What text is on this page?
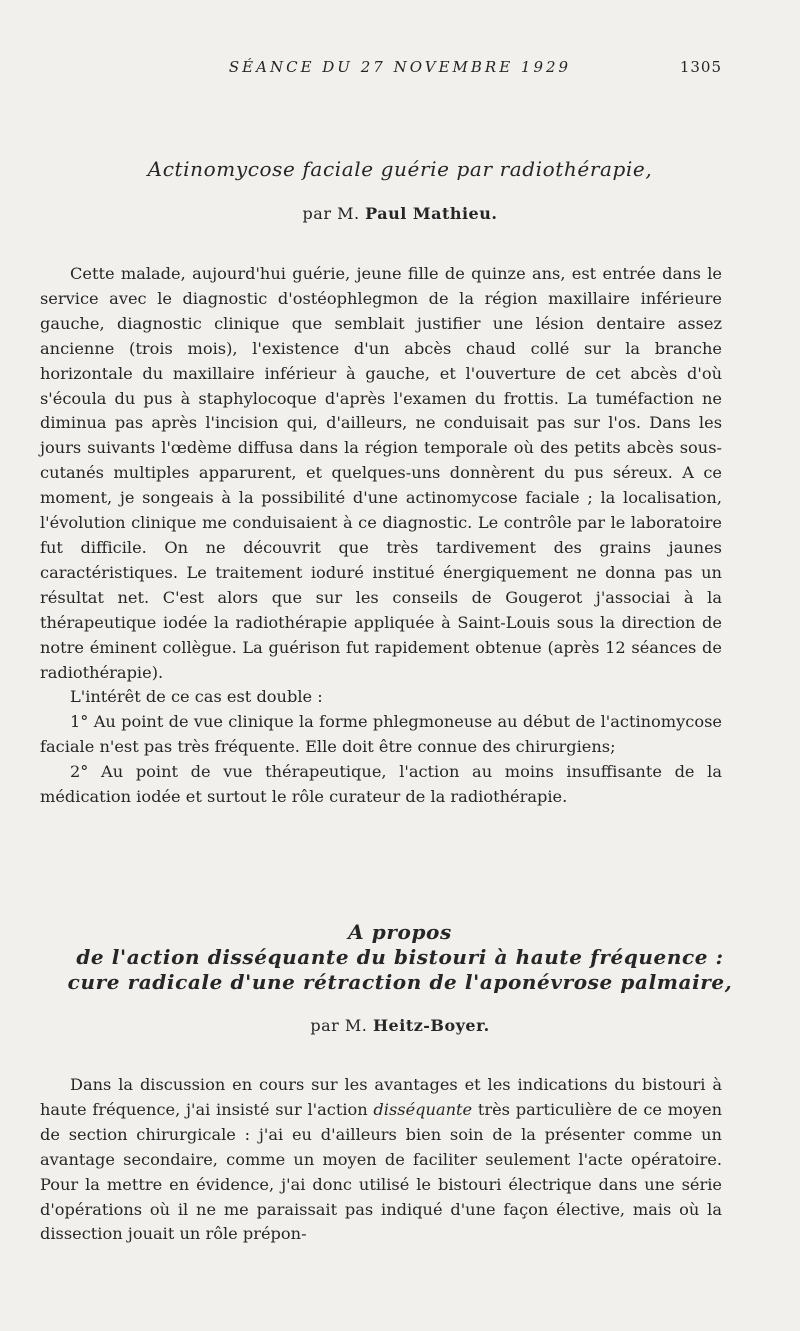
SÉANCE DU 27 NOVEMBRE 1929	1305
Actinomycose faciale guérie par radiothérapie,
par M. Paul Mathieu.

Cette malade, aujourd'hui guérie, jeune fille de quinze ans, est entrée dans le service avec le diagnostic d'ostéophlegmon de la région maxillaire inférieure gauche, diagnostic clinique que semblait justifier une lésion dentaire assez ancienne (trois mois), l'existence d'un abcès chaud collé sur la branche horizontale du maxillaire inférieur à gauche, et l'ouverture de cet abcès d'où s'écoula du pus à staphylocoque d'après l'examen du frottis. La tuméfaction ne diminua pas après l'incision qui, d'ailleurs, ne conduisait pas sur l'os. Dans les jours suivants l'œdème diffusa dans la région temporale où des petits abcès sous-cutanés multiples apparurent, et quelques-uns donnèrent du pus séreux. A ce moment, je songeais à la possibilité d'une actinomycose faciale ; la localisation, l'évolution clinique me conduisaient à ce diagnostic. Le contrôle par le laboratoire fut difficile. On ne découvrit que très tardivement des grains jaunes caractéristiques. Le traitement ioduré institué énergiquement ne donna pas un résultat net. C'est alors que sur les conseils de Gougerot j'associai à la thérapeutique iodée la radiothérapie appliquée à Saint-Louis sous la direction de notre éminent collègue. La guérison fut rapidement obtenue (après 12 séances de radiothérapie).

L'intérêt de ce cas est double :

1° Au point de vue clinique la forme phlegmoneuse au début de l'actinomycose faciale n'est pas très fréquente. Elle doit être connue des chirurgiens;

2° Au point de vue thérapeutique, l'action au moins insuffisante de la médication iodée et surtout le rôle curateur de la radiothérapie.

A propos
de l'action disséquante du bistouri à haute fréquence :
cure radicale d'une rétraction de l'aponévrose palmaire,
par M. Heitz-Boyer.

Dans la discussion en cours sur les avantages et les indications du bistouri à haute fréquence, j'ai insisté sur l'action disséquante très particulière de ce moyen de section chirurgicale : j'ai eu d'ailleurs bien soin de la présenter comme un avantage secondaire, comme un moyen de faciliter seulement l'acte opératoire. Pour la mettre en évidence, j'ai donc utilisé le bistouri électrique dans une série d'opérations où il ne me paraissait pas indiqué d'une façon élective, mais où la dissection jouait un rôle prépon-
